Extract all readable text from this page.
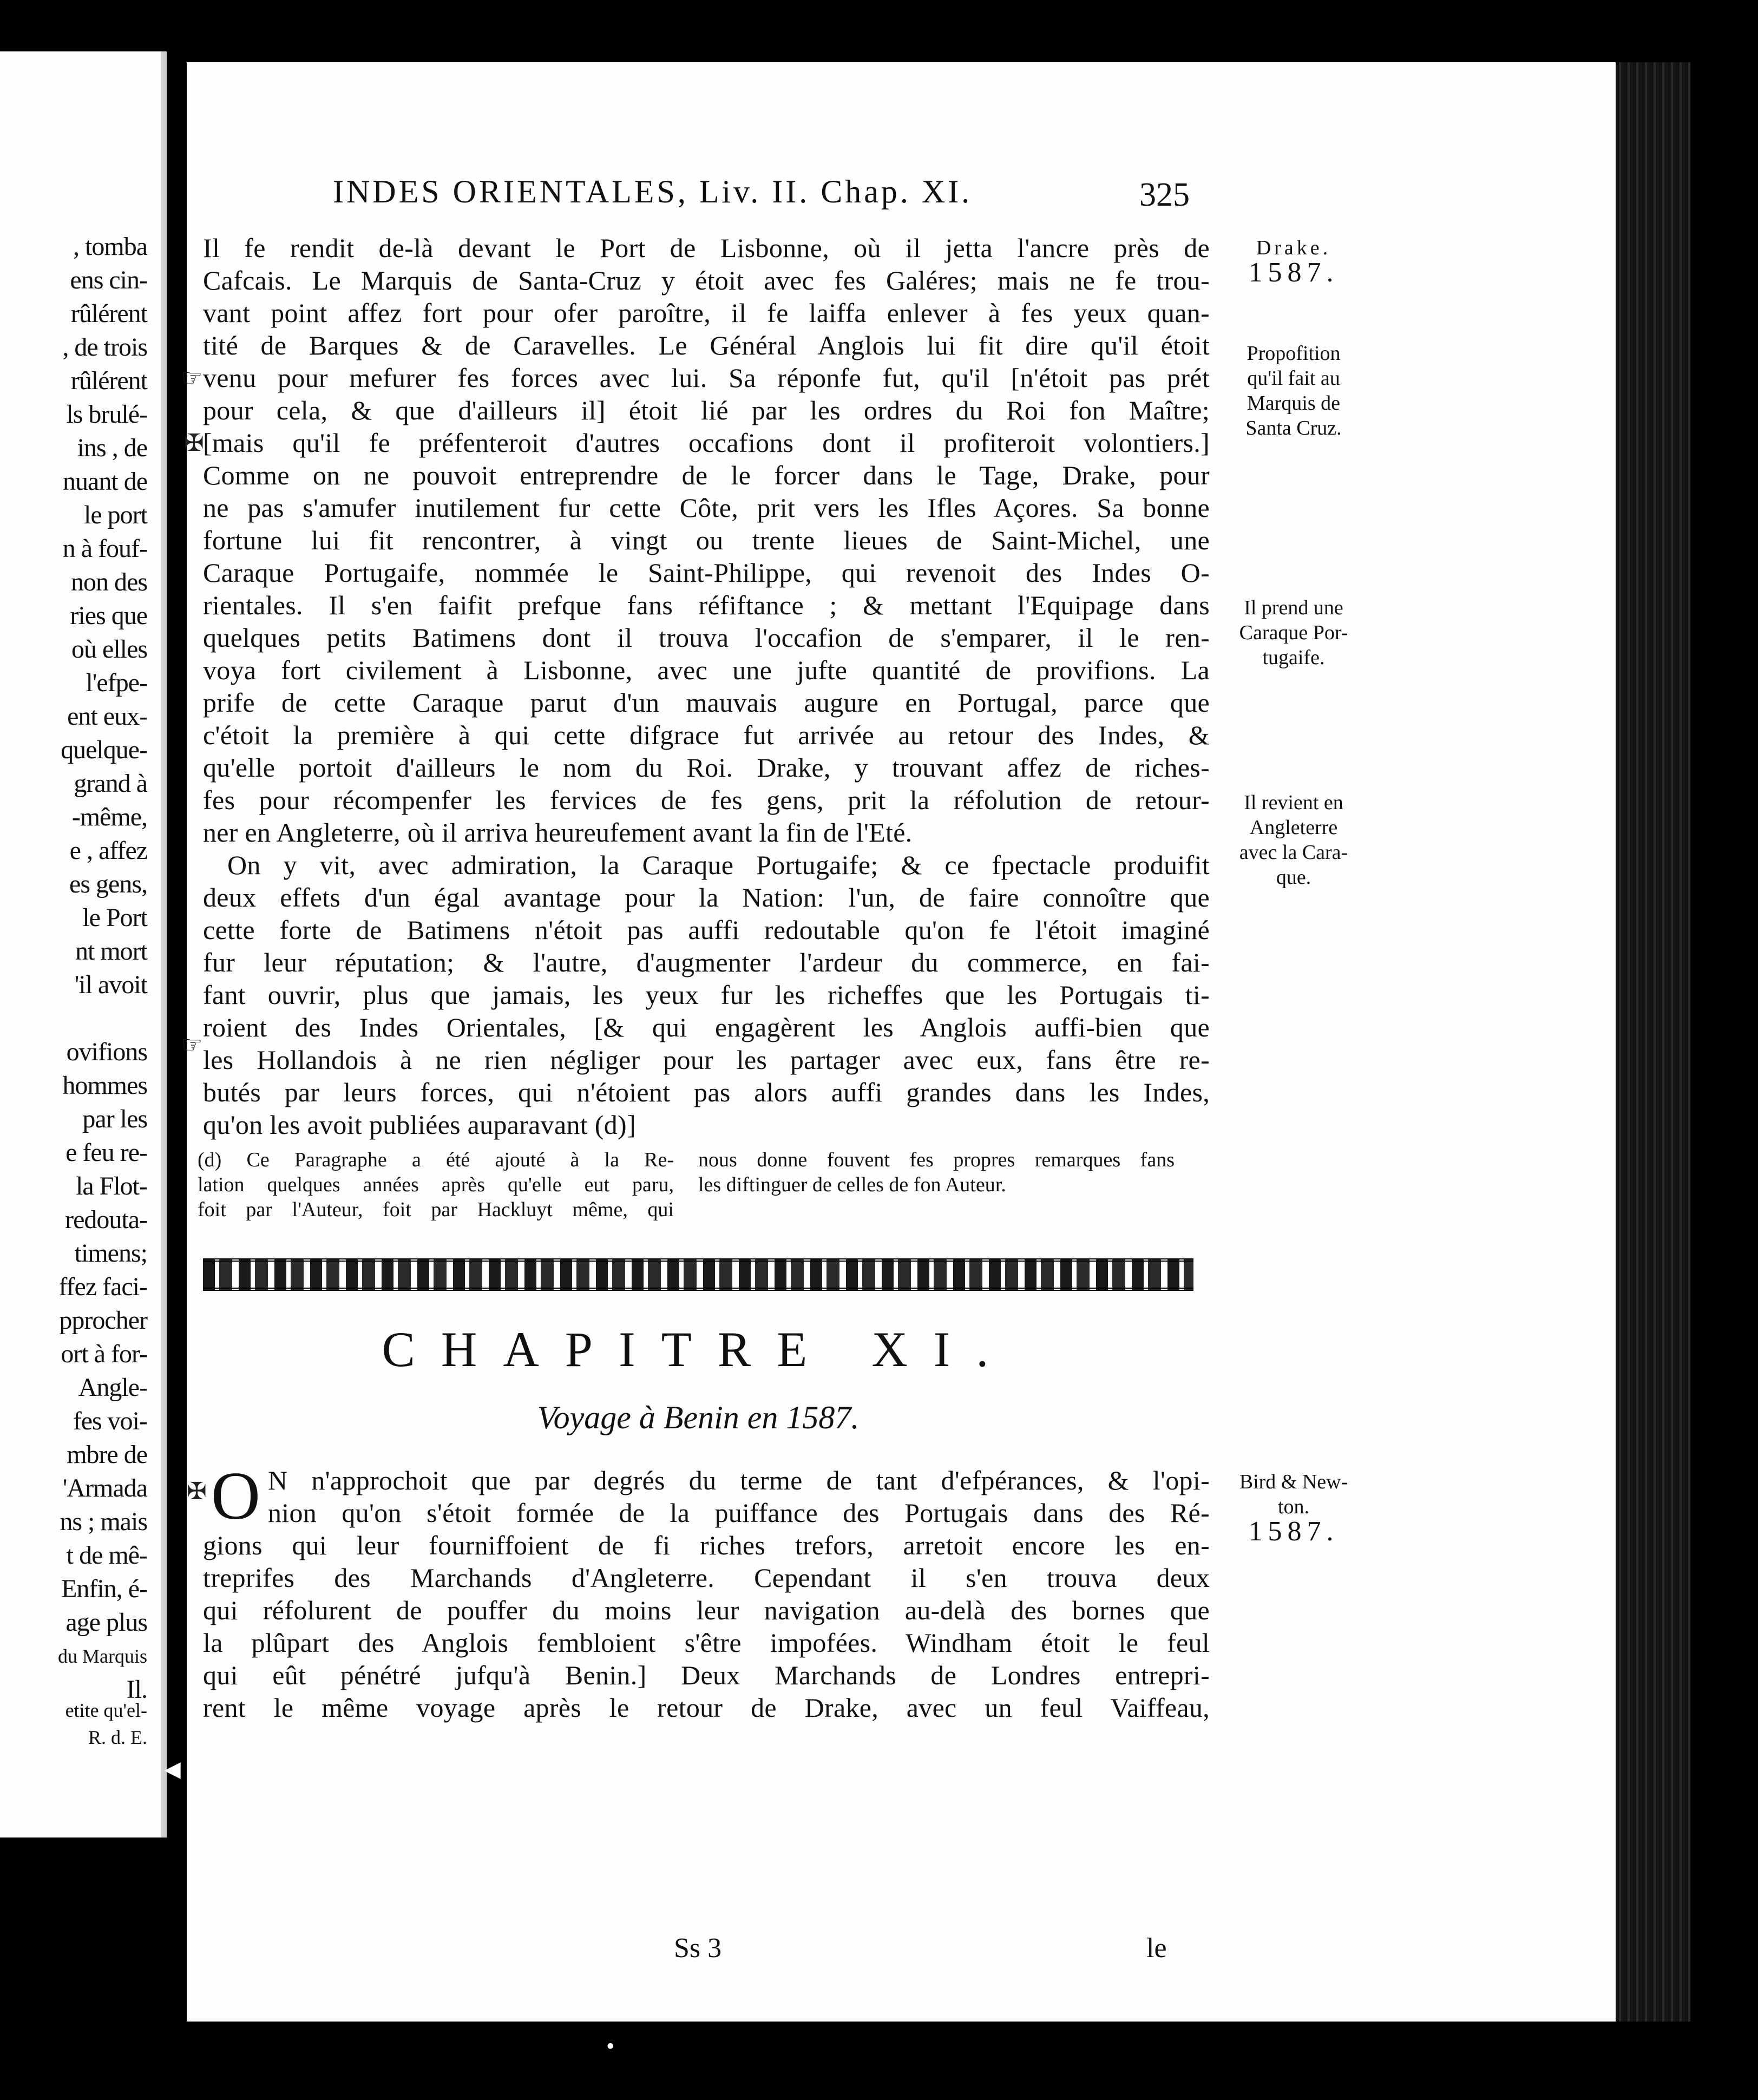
, tomba
ens cin-
rûlérent
, de trois
rûlérent
ls brulé-
ins , de
nuant de
le port
n à fouf-
non des
ries que
où elles
l'efpe-
ent eux-
quelque-
grand à
-même,
e , affez
es gens,
le Port
nt mort
'il avoit
ovifions
hommes
par les
e feu re-
la Flot-
redouta-
timens;
ffez faci-
pprocher
ort à for-
Angle-
fes voi-
mbre de
'Armada
ns ; mais
t de mê-
Enfin, é-
age plus
Il.
du Marquis
etite qu'el-
R. d. E.
◀
INDES ORIENTALES, Liv. II. Chap. XI.	325
Il fe rendit de-là devant le Port de Lisbonne, où il jetta l'ancre près de
Cafcais. Le Marquis de Santa-Cruz y étoit avec fes Galéres; mais ne fe trou-
vant point affez fort pour ofer paroître, il fe laiffa enlever à fes yeux quan-
tité de Barques & de Caravelles. Le Général Anglois lui fit dire qu'il étoit
venu pour mefurer fes forces avec lui. Sa réponfe fut, qu'il [n'étoit pas prét
pour cela, & que d'ailleurs il] étoit lié par les ordres du Roi fon Maître;
[mais qu'il fe préfenteroit d'autres occafions dont il profiteroit volontiers.]
Comme on ne pouvoit entreprendre de le forcer dans le Tage, Drake, pour
ne pas s'amufer inutilement fur cette Côte, prit vers les Ifles Açores. Sa bonne
fortune lui fit rencontrer, à vingt ou trente lieues de Saint-Michel, une
Caraque Portugaife, nommée le Saint-Philippe, qui revenoit des Indes O-
rientales. Il s'en faifit prefque fans réfiftance ; & mettant l'Equipage dans
quelques petits Batimens dont il trouva l'occafion de s'emparer, il le ren-
voya fort civilement à Lisbonne, avec une jufte quantité de provifions. La
prife de cette Caraque parut d'un mauvais augure en Portugal, parce que
c'étoit la première à qui cette difgrace fut arrivée au retour des Indes, &
qu'elle portoit d'ailleurs le nom du Roi. Drake, y trouvant affez de riches-
fes pour récompenfer les fervices de fes gens, prit la réfolution de retour-
ner en Angleterre, où il arriva heureufement avant la fin de l'Eté.
On y vit, avec admiration, la Caraque Portugaife; & ce fpectacle produifit
deux effets d'un égal avantage pour la Nation: l'un, de faire connoître que
cette forte de Batimens n'étoit pas auffi redoutable qu'on fe l'étoit imaginé
fur leur réputation; & l'autre, d'augmenter l'ardeur du commerce, en fai-
fant ouvrir, plus que jamais, les yeux fur les richeffes que les Portugais ti-
roient des Indes Orientales, [& qui engagèrent les Anglois auffi-bien que
les Hollandois à ne rien négliger pour les partager avec eux, fans être re-
butés par leurs forces, qui n'étoient pas alors auffi grandes dans les Indes,
qu'on les avoit publiées auparavant (d)]
☞
✠
☞
✠
(d) Ce Paragraphe a été ajouté à la Re-
lation quelques années après qu'elle eut paru,
foit par l'Auteur, foit par Hackluyt même, qui
nous donne fouvent fes propres remarques fans
les diftinguer de celles de fon Auteur.
CHAPITRE XI.
Voyage à Benin en 1587.
O N n'approchoit que par degrés du terme de tant d'efpérances, & l'opi-
nion qu'on s'étoit formée de la puiffance des Portugais dans des Ré-
gions qui leur fourniffoient de fi riches trefors, arretoit encore les en-
treprifes des Marchands d'Angleterre. Cependant il s'en trouva deux
qui réfolurent de pouffer du moins leur navigation au-delà des bornes que
la plûpart des Anglois fembloient s'être impofées. Windham étoit le feul
qui eût pénétré jufqu'à Benin.] Deux Marchands de Londres entrepri-
rent le même voyage après le retour de Drake, avec un feul Vaiffeau,
Drake.
1587.
Propofition
qu'il fait au
Marquis de
Santa Cruz.
Il prend une
Caraque Por-
tugaife.
Il revient en
Angleterre
avec la Cara-
que.
Bird & New-
ton.
1587.
Ss 3	le
•
